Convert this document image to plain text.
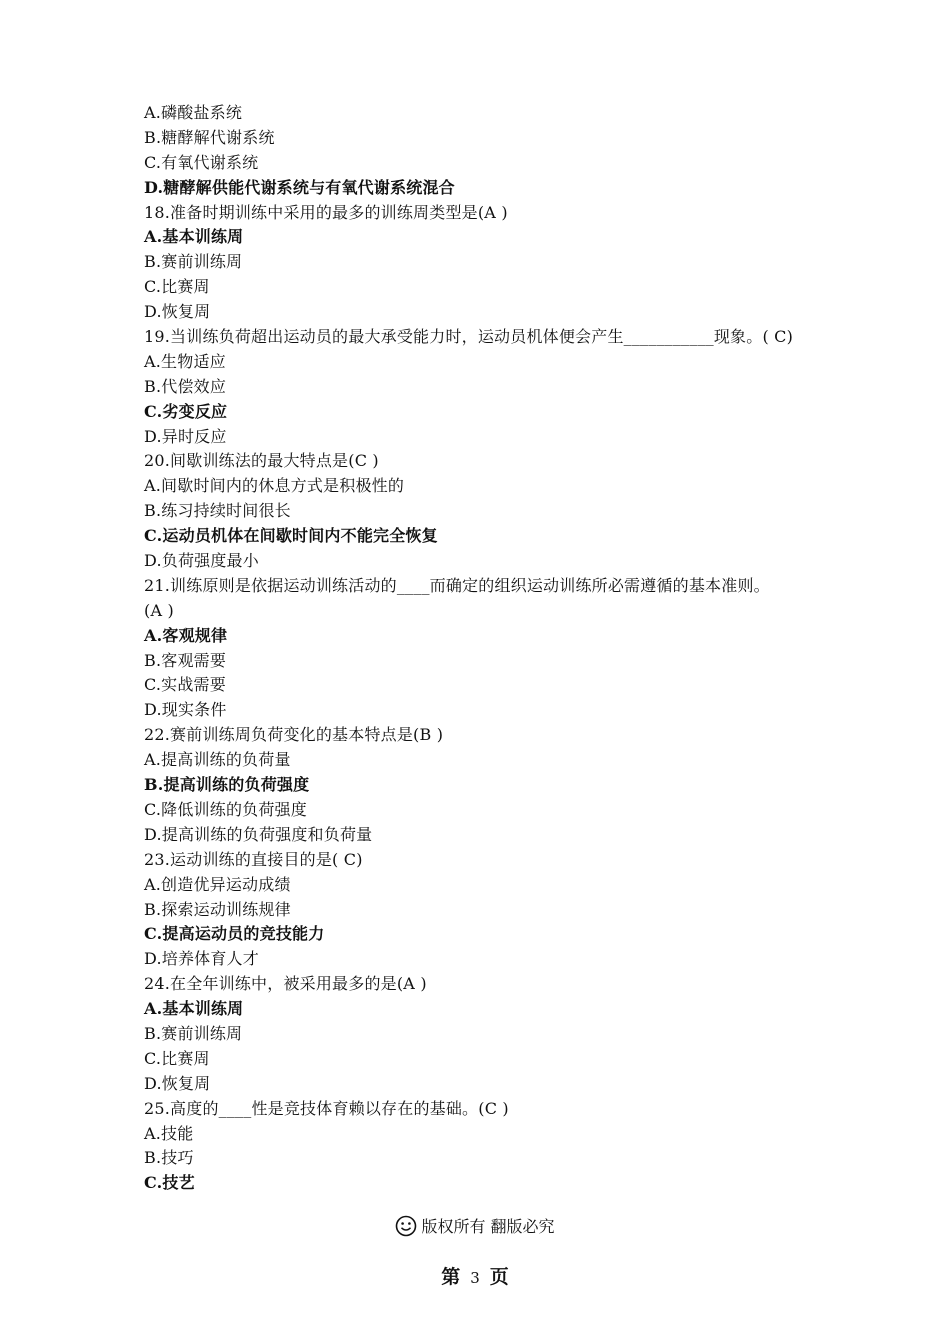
A.磷酸盐系统
B.糖酵解代谢系统
C.有氧代谢系统
D.糖酵解供能代谢系统与有氧代谢系统混合
18.准备时期训练中采用的最多的训练周类型是(A )
A.基本训练周
B.赛前训练周
C.比赛周
D.恢复周
19.当训练负荷超出运动员的最大承受能力时，运动员机体便会产生___________现象。( C)
A.生物适应
B.代偿效应
C.劣变反应
D.异时反应
20.间歇训练法的最大特点是(C )
A.间歇时间内的休息方式是积极性的
B.练习持续时间很长
C.运动员机体在间歇时间内不能完全恢复
D.负荷强度最小
21.训练原则是依据运动训练活动的____而确定的组织运动训练所必需遵循的基本准则。
(A )
A.客观规律
B.客观需要
C.实战需要
D.现实条件
22.赛前训练周负荷变化的基本特点是(B )
A.提高训练的负荷量
B.提高训练的负荷强度
C.降低训练的负荷强度
D.提高训练的负荷强度和负荷量
23.运动训练的直接目的是( C)
A.创造优异运动成绩
B.探索运动训练规律
C.提高运动员的竞技能力
D.培养体育人才
24.在全年训练中，被采用最多的是(A )
A.基本训练周
B.赛前训练周
C.比赛周
D.恢复周
25.高度的____性是竞技体育赖以存在的基础。(C )
A.技能
B.技巧
C.技艺
版权所有 翻版必究
第 3 页
